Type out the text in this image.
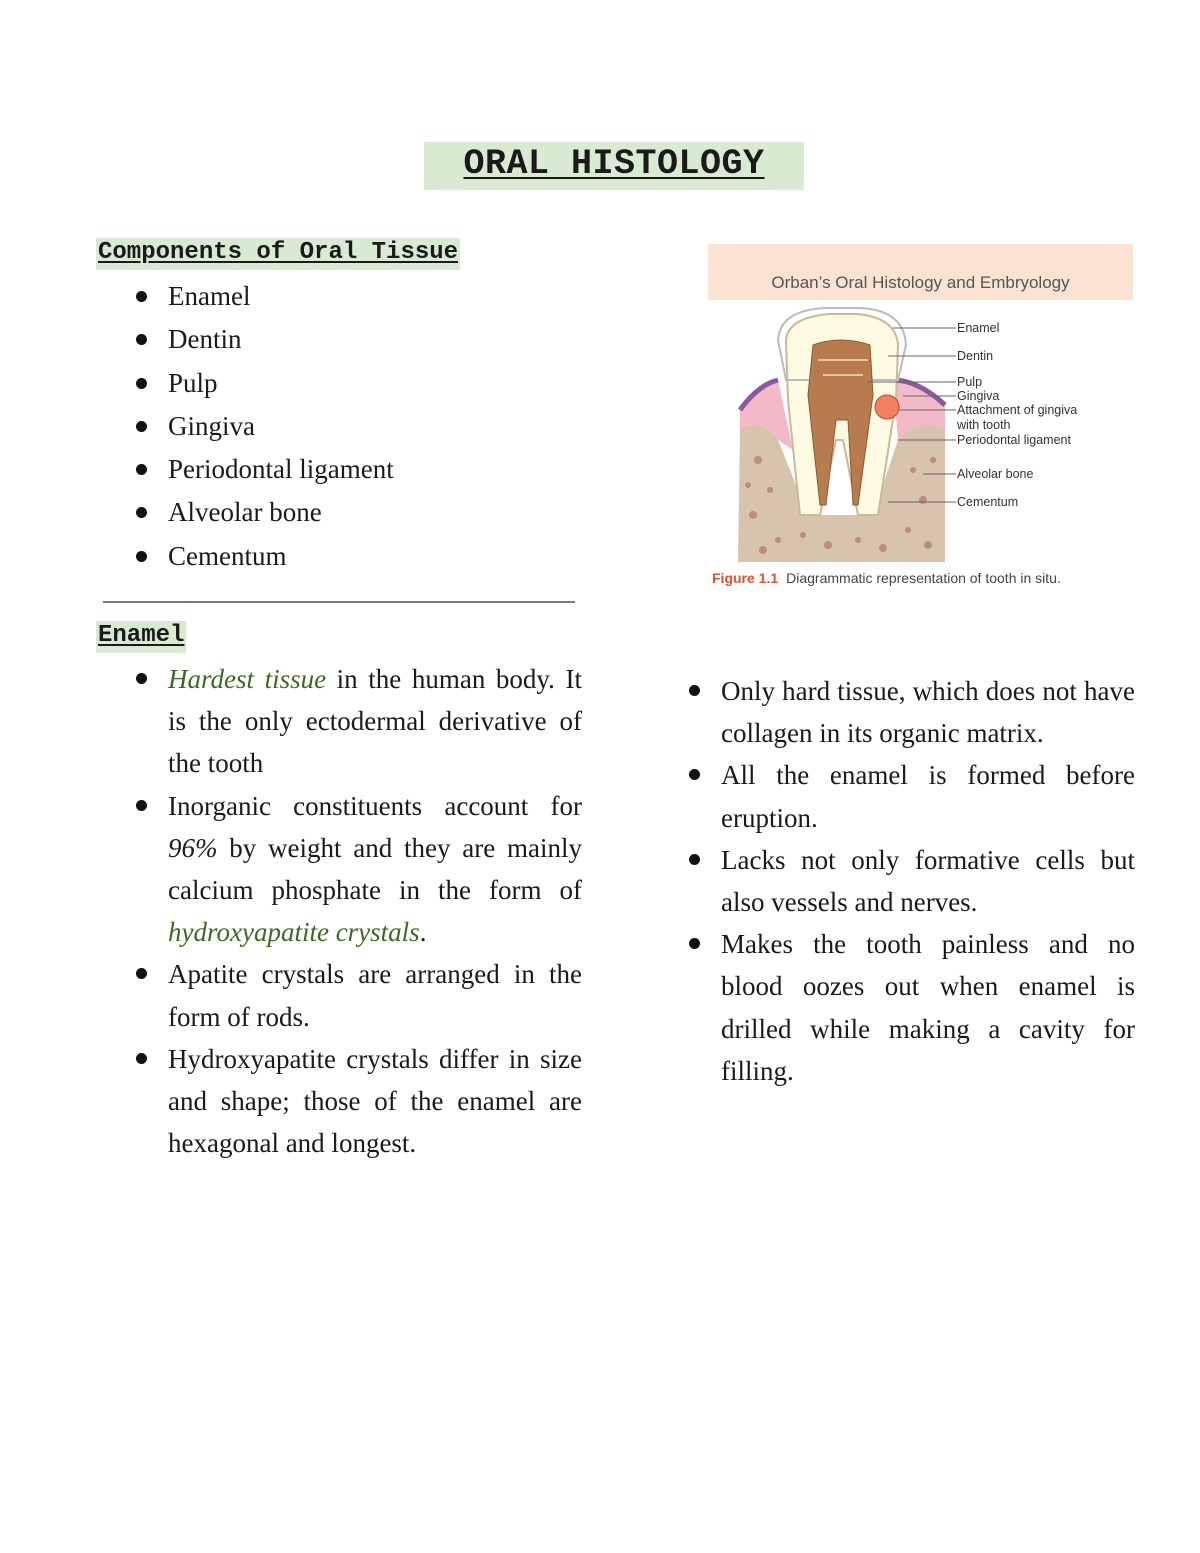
ORAL HISTOLOGY
Components of Oral Tissue
Enamel
Dentin
Pulp
Gingiva
Periodontal ligament
Alveolar bone
Cementum
Orban’s Oral Histology and Embryology
Enamel
Dentin
Pulp
Gingiva
Attachment of gingiva
with tooth
Periodontal ligament
Alveolar bone
Cementum
Figure 1.1 Diagrammatic representation of tooth in situ.
Enamel
Hardest tissue in the human body. It is the only ectodermal derivative of the tooth
Inorganic constituents account for 96% by weight and they are mainly calcium phosphate in the form of hydroxyapatite crystals.
Apatite crystals are arranged in the form of rods.
Hydroxyapatite crystals differ in size and shape; those of the enamel are hexagonal and longest.
Only hard tissue, which does not have collagen in its organic matrix.
All the enamel is formed before eruption.
Lacks not only formative cells but also vessels and nerves.
Makes the tooth painless and no blood oozes out when enamel is drilled while making a cavity for filling.
